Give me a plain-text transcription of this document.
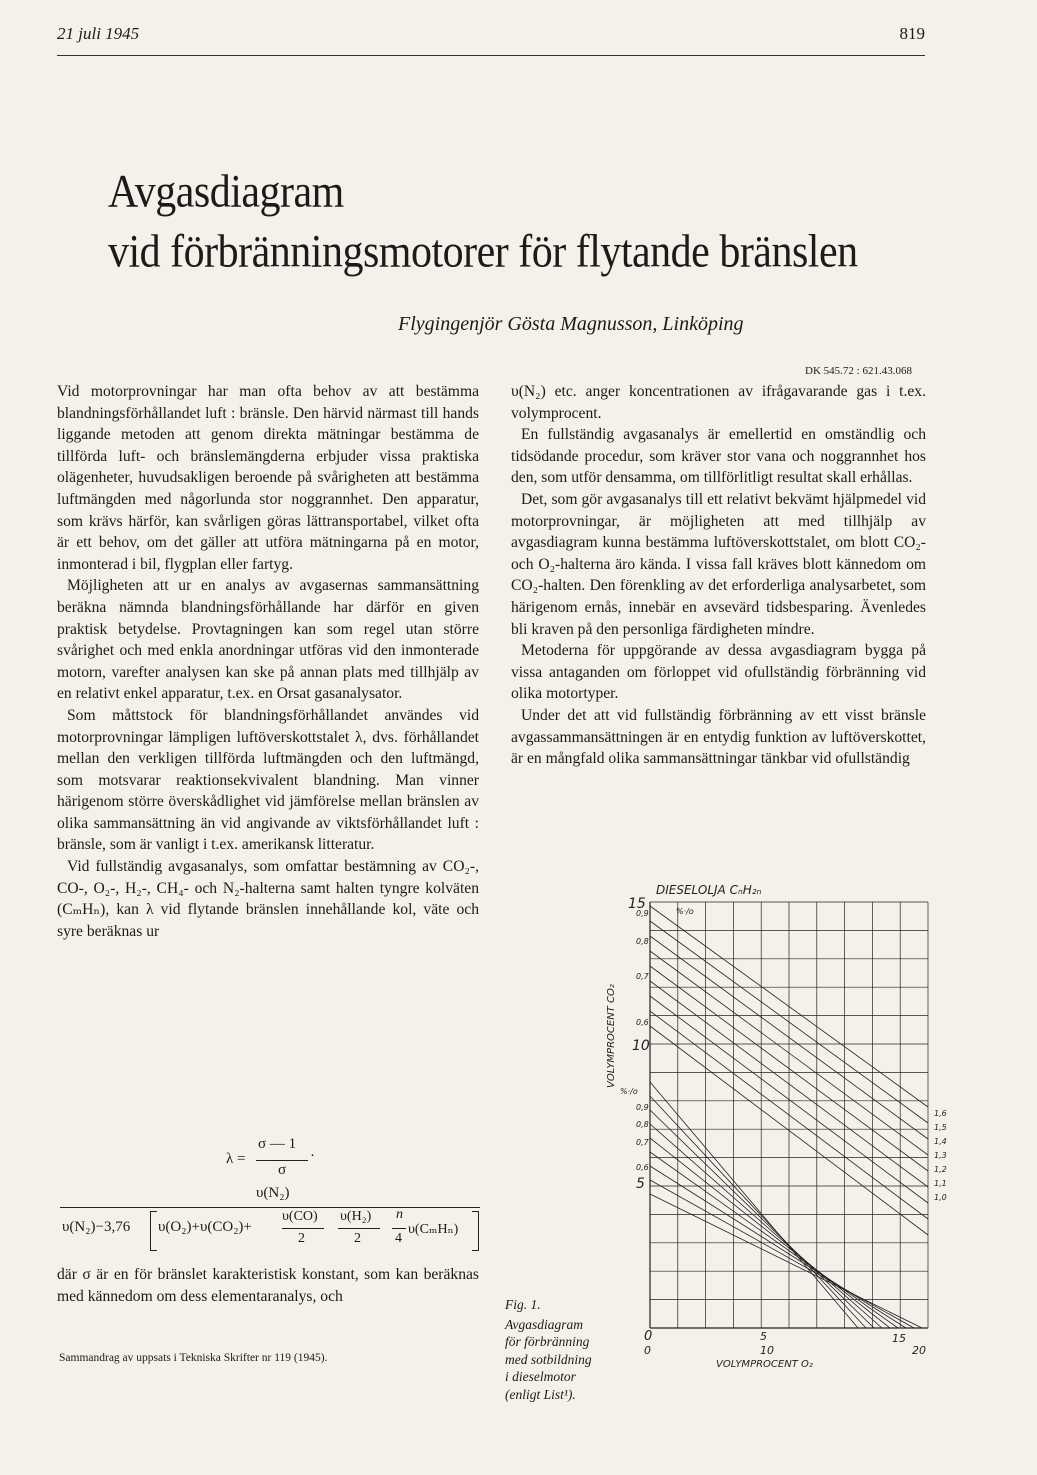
21 juli 1945	819
Avgasdiagram
vid förbränningsmotorer för flytande bränslen
Flygingenjör Gösta Magnusson, Linköping
DK 545.72 : 621.43.068

Vid motorprovningar har man ofta behov av att bestämma blandningsförhållandet luft : bränsle. Den härvid närmast till hands liggande metoden att genom direkta mätningar bestämma de tillförda luft- och bränslemängderna erbjuder vissa praktiska olägenheter, huvudsakligen beroende på svårigheten att bestämma luftmängden med någorlunda stor noggrannhet. Den apparatur, som krävs härför, kan svårligen göras lättransportabel, vilket ofta är ett behov, om det gäller att utföra mätningarna på en motor, inmonterad i bil, flygplan eller fartyg.

Möjligheten att ur en analys av avgasernas sammansättning beräkna nämnda blandningsförhållande har därför en given praktisk betydelse. Provtagningen kan som regel utan större svårighet och med enkla anordningar utföras vid den inmonterade motorn, varefter analysen kan ske på annan plats med tillhjälp av en relativt enkel apparatur, t.ex. en Orsat gasanalysator.

Som måttstock för blandningsförhållandet användes vid motorprovningar lämpligen luftöverskottstalet λ, dvs. förhållandet mellan den verkligen tillförda luftmängden och den luftmängd, som motsvarar reaktionsekvivalent blandning. Man vinner härigenom större överskådlighet vid jämförelse mellan bränslen av olika sammansättning än vid angivande av viktsförhållandet luft : bränsle, som är vanligt i t.ex. amerikansk litteratur.

Vid fullständig avgasanalys, som omfattar bestämning av CO₂-, CO-, O₂-, H₂-, CH₄- och N₂-halterna samt halten tyngre kolväten (CₘHₙ), kan λ vid flytande bränslen innehållande kol, väte och syre beräknas ur

λ =
σ — 1
σ
·
υ(N₂)
υ(N₂)−3,76 υ(O₂)+υ(CO₂)+
υ(CO)
2
υ(H₂)
2
n
4
υ(CₘHₙ)

där σ är en för bränslet karakteristisk konstant, som kan beräknas med kännedom om dess elementaranalys, och

Sammandrag av uppsats i Tekniska Skrifter nr 119 (1945).

υ(N₂) etc. anger koncentrationen av ifrågavarande gas i t.ex. volymprocent.

En fullständig avgasanalys är emellertid en omständlig och tidsödande procedur, som kräver stor vana och noggrannhet hos den, som utför densamma, om tillförlitligt resultat skall erhållas.

Det, som gör avgasanalys till ett relativt bekvämt hjälpmedel vid motorprovningar, är möjligheten att med tillhjälp av avgasdiagram kunna bestämma luftöverskottstalet, om blott CO₂- och O₂-halterna äro kända. I vissa fall kräves blott kännedom om CO₂-halten. Den förenkling av det erforderliga analysarbetet, som härigenom ernås, innebär en avsevärd tidsbesparing. Ävenledes bli kraven på den personliga färdigheten mindre.

Metoderna för uppgörande av dessa avgasdiagram bygga på vissa antaganden om förloppet vid ofullständig förbränning vid olika motortyper.

Under det att vid fullständig förbränning av ett visst bränsle avgassammansättningen är en entydig funktion av luftöverskottet, är en mångfald olika sammansättningar tänkbar vid ofullständig

Fig. 1.
Avgasdiagram
för förbränning
med sotbildning
i dieselmotor
(enligt List¹).
DIESELOLJA CₙH₂ₙ
VOLYMPROCENT CO₂
VOLYMPROCENT O₂
15
10
5
0
0
5
10
15
20
0,9
0,8
0,7
0,6
%·/o
%·/o
0,9
0,8
0,7
0,6
1,6
1,5
1,4
1,3
1,2
1,1
1,0
